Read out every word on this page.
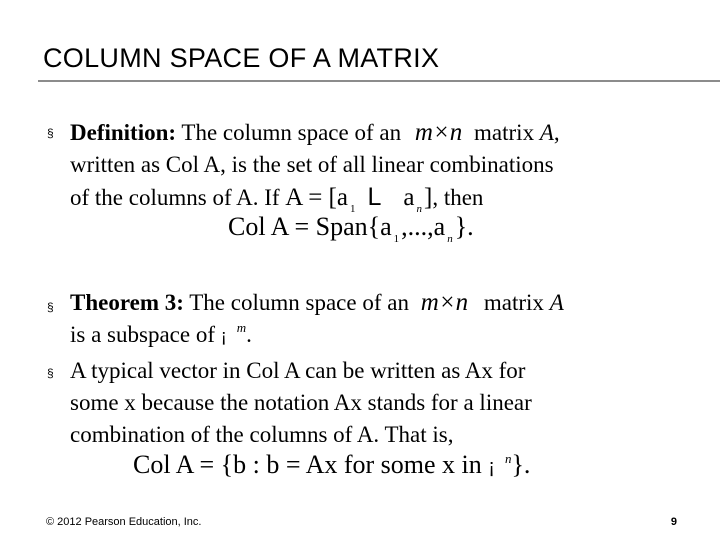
COLUMN SPACE OF A MATRIX
§ Definition: The column space of an m×n matrix A,
written as Col A, is the set of all linear combinations
of the columns of A. If A = [a $_1$ L a $_n$], then
Col A = Span{a $_1$,...,a $_n$}.
§ Theorem 3: The column space of an m×n matrix A
is a subspace of ¡ $^m$.
§ A typical vector in Col A can be written as Ax for
some x because the notation Ax stands for a linear
combination of the columns of A. That is,
Col A = {b : b = Ax for some x in ¡ $^n$}.
© 2012 Pearson Education, Inc.	9
